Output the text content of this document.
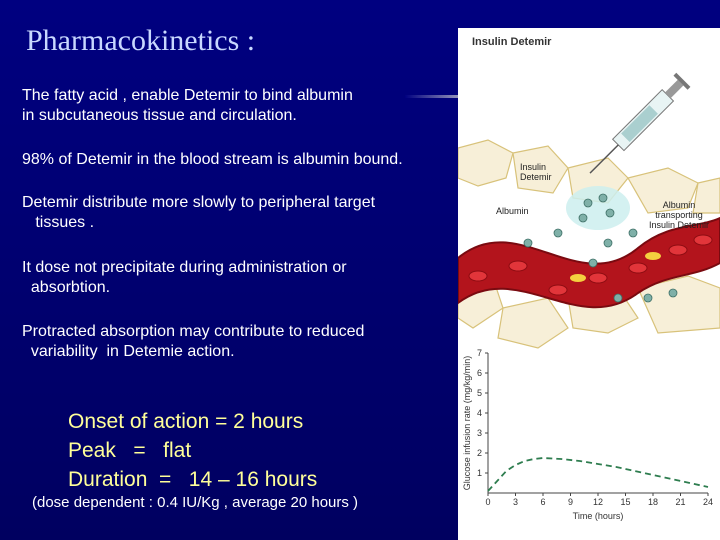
Pharmacokinetics :
The fatty acid , enable Detemir to bind albumin
in subcutaneous tissue and circulation.
98% of Detemir in the blood stream is albumin bound.
Detemir distribute more slowly to peripheral target
tissues .
It dose not precipitate during administration or
absorbtion.
Protracted absorption may contribute to reduced
variability  in Detemie action.
Onset of action = 2 hours
Peak   =   flat
Duration  =   14 – 16 hours
(dose dependent : 0.4 IU/Kg , average 20 hours )
Insulin Detemir
0 3 6 9 12 15 18 21 24
1
2
3
4
5
6
7
Time (hours)
Glucose infusion rate (mg/kg/min)
Insulin Detemir
Albumin
Albumin transporting Insulin Detemir
